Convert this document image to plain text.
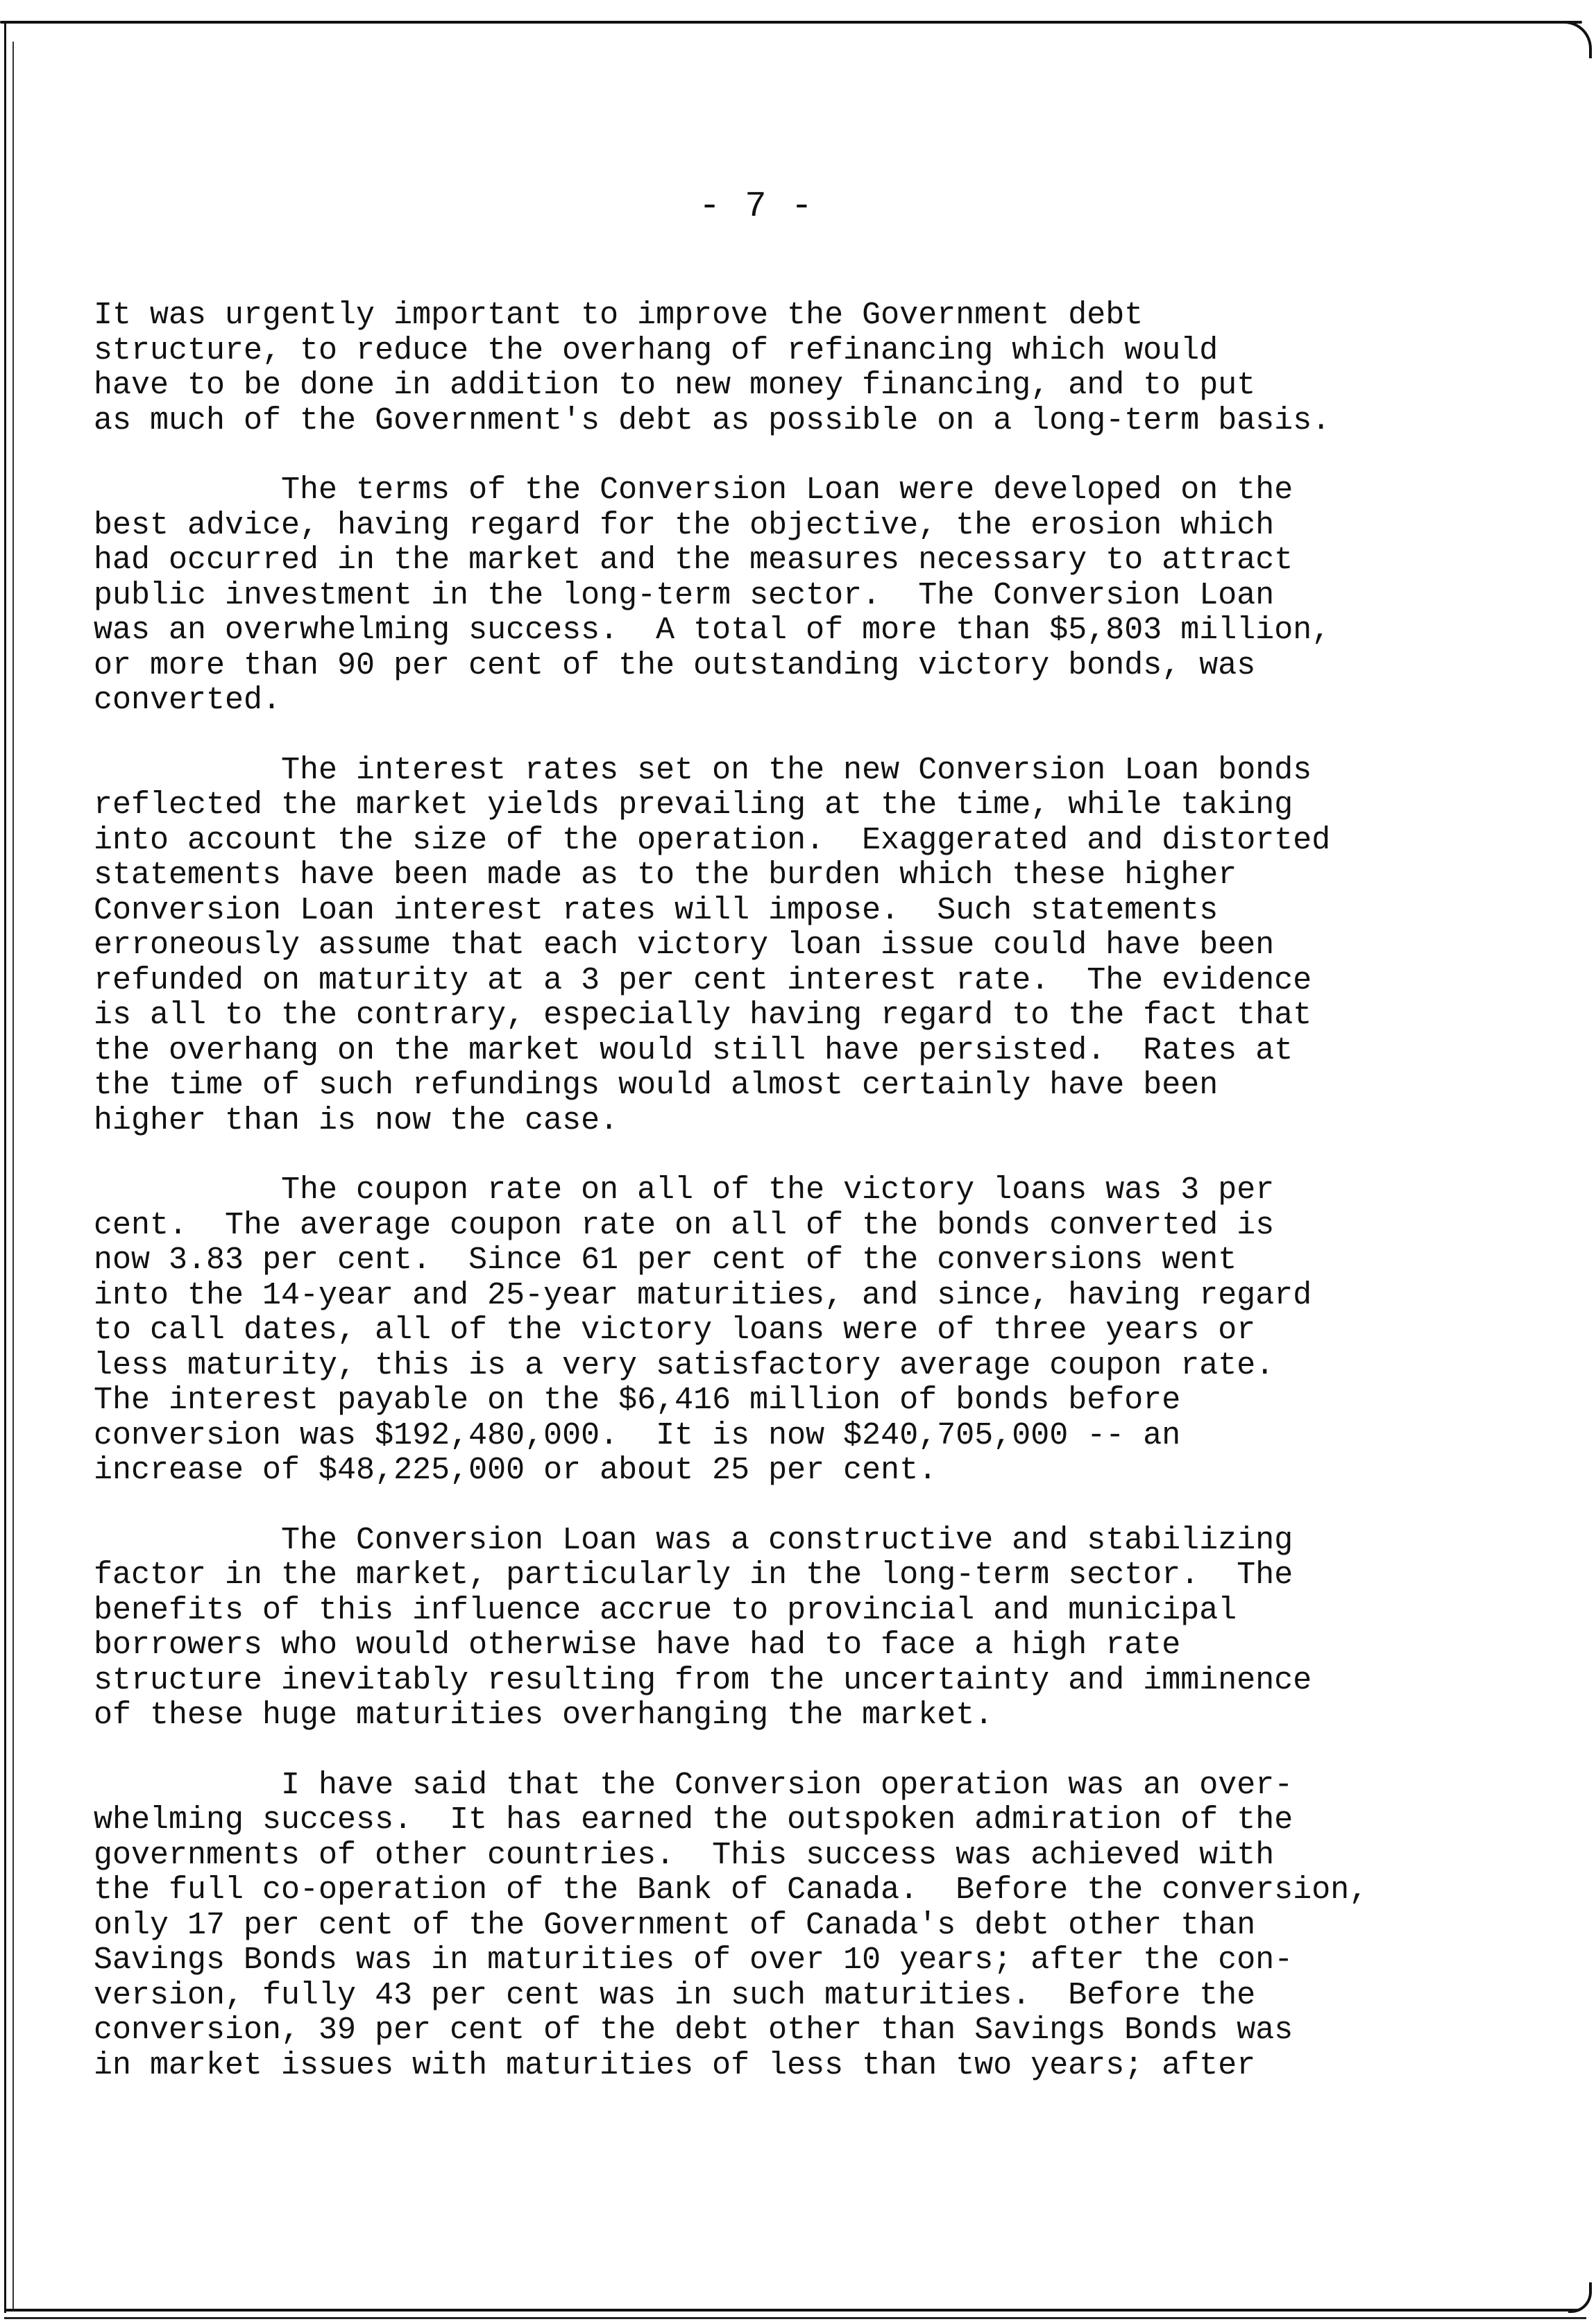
- 7 -
It was urgently important to improve the Government debt
structure, to reduce the overhang of refinancing which would
have to be done in addition to new money financing, and to put
as much of the Government's debt as possible on a long-term basis.
The terms of the Conversion Loan were developed on the
best advice, having regard for the objective, the erosion which
had occurred in the market and the measures necessary to attract
public investment in the long-term sector.  The Conversion Loan
was an overwhelming success.  A total of more than $5,803 million,
or more than 90 per cent of the outstanding victory bonds, was
converted.
The interest rates set on the new Conversion Loan bonds
reflected the market yields prevailing at the time, while taking
into account the size of the operation.  Exaggerated and distorted
statements have been made as to the burden which these higher
Conversion Loan interest rates will impose.  Such statements
erroneously assume that each victory loan issue could have been
refunded on maturity at a 3 per cent interest rate.  The evidence
is all to the contrary, especially having regard to the fact that
the overhang on the market would still have persisted.  Rates at
the time of such refundings would almost certainly have been
higher than is now the case.
The coupon rate on all of the victory loans was 3 per
cent.  The average coupon rate on all of the bonds converted is
now 3.83 per cent.  Since 61 per cent of the conversions went
into the 14-year and 25-year maturities, and since, having regard
to call dates, all of the victory loans were of three years or
less maturity, this is a very satisfactory average coupon rate.
The interest payable on the $6,416 million of bonds before
conversion was $192,480,000.  It is now $240,705,000 -- an
increase of $48,225,000 or about 25 per cent.
The Conversion Loan was a constructive and stabilizing
factor in the market, particularly in the long-term sector.  The
benefits of this influence accrue to provincial and municipal
borrowers who would otherwise have had to face a high rate
structure inevitably resulting from the uncertainty and imminence
of these huge maturities overhanging the market.
I have said that the Conversion operation was an over-
whelming success.  It has earned the outspoken admiration of the
governments of other countries.  This success was achieved with
the full co-operation of the Bank of Canada.  Before the conversion,
only 17 per cent of the Government of Canada's debt other than
Savings Bonds was in maturities of over 10 years; after the con-
version, fully 43 per cent was in such maturities.  Before the
conversion, 39 per cent of the debt other than Savings Bonds was
in market issues with maturities of less than two years; after
